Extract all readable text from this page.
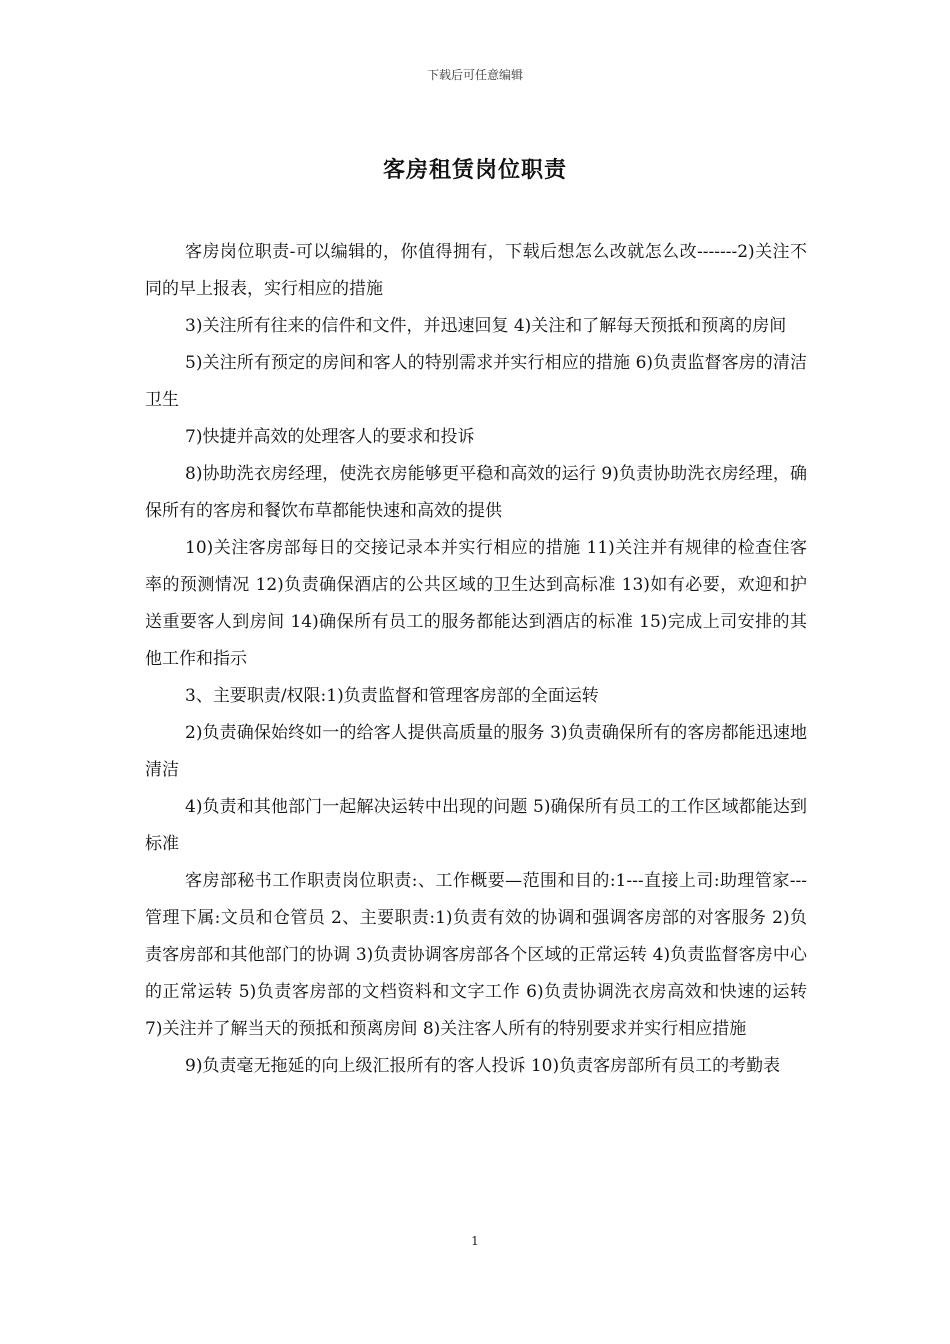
下载后可任意编辑
客房租赁岗位职责

客房岗位职责-可以编辑的，你值得拥有，下载后想怎么改就怎么改-------2)关注不同的早上报表，实行相应的措施

3)关注所有往来的信件和文件，并迅速回复 4)关注和了解每天预抵和预离的房间

5)关注所有预定的房间和客人的特别需求并实行相应的措施 6)负责监督客房的清洁卫生

7)快捷并高效的处理客人的要求和投诉

8)协助洗衣房经理，使洗衣房能够更平稳和高效的运行 9)负责协助洗衣房经理，确保所有的客房和餐饮布草都能快速和高效的提供

10)关注客房部每日的交接记录本并实行相应的措施 11)关注并有规律的检查住客率的预测情况 12)负责确保酒店的公共区域的卫生达到高标准 13)如有必要，欢迎和护送重要客人到房间 14)确保所有员工的服务都能达到酒店的标准 15)完成上司安排的其他工作和指示

3、主要职责/权限:1)负责监督和管理客房部的全面运转

2)负责确保始终如一的给客人提供高质量的服务 3)负责确保所有的客房都能迅速地清洁

4)负责和其他部门一起解决运转中出现的问题 5)确保所有员工的工作区域都能达到标准

客房部秘书工作职责岗位职责:、工作概要—范围和目的:1---直接上司:助理管家---管理下属:文员和仓管员 2、主要职责:1)负责有效的协调和强调客房部的对客服务 2)负责客房部和其他部门的协调 3)负责协调客房部各个区域的正常运转 4)负责监督客房中心的正常运转 5)负责客房部的文档资料和文字工作 6)负责协调洗衣房高效和快速的运转 7)关注并了解当天的预抵和预离房间 8)关注客人所有的特别要求并实行相应措施

9)负责毫无拖延的向上级汇报所有的客人投诉 10)负责客房部所有员工的考勤表

1
